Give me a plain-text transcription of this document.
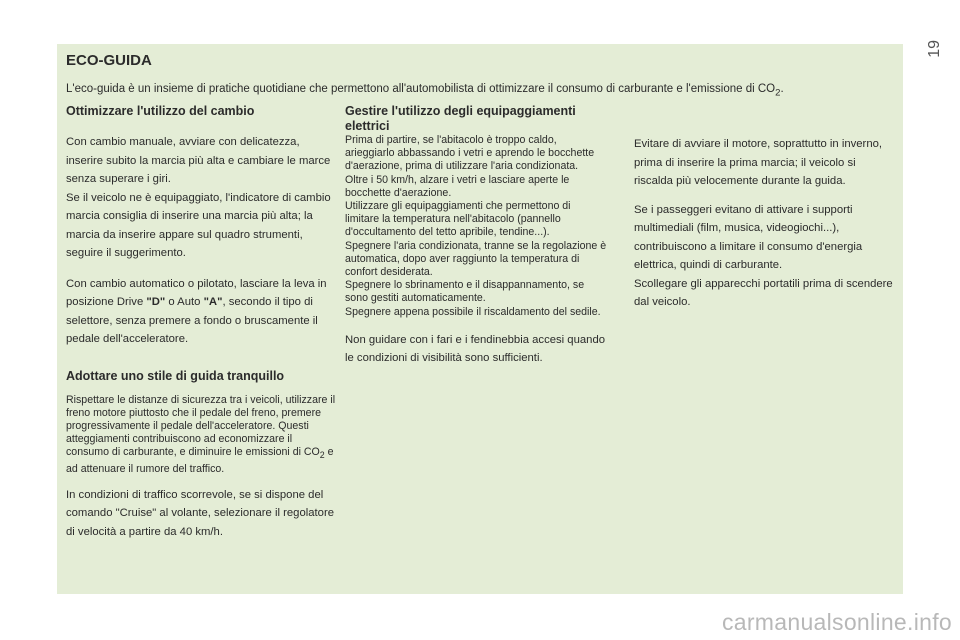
19
ECO-GUIDA

L'eco-guida è un insieme di pratiche quotidiane che permettono all'automobilista di ottimizzare il consumo di carburante e l'emissione di $CO_2$.

Ottimizzare l'utilizzo del cambio

Con cambio manuale, avviare con delicatezza, inserire subito la marcia più alta e cambiare le marce senza superare i giri.

Se il veicolo ne è equipaggiato, l'indicatore di cambio marcia consiglia di inserire una marcia più alta; la marcia da inserire appare sul quadro strumenti, seguire il suggerimento.

Con cambio automatico o pilotato, lasciare la leva in posizione Drive "D" o Auto "A", secondo il tipo di selettore, senza premere a fondo o bruscamente il pedale dell'acceleratore.

Adottare uno stile di guida tranquillo

Rispettare le distanze di sicurezza tra i veicoli, utilizzare il freno motore piuttosto che il pedale del freno, premere progressivamente il pedale dell'acceleratore. Questi atteggiamenti contribuiscono ad economizzare il consumo di carburante, e diminuire le emissioni di $CO_2$ e ad attenuare il rumore del traffico.

In condizioni di traffico scorrevole, se si dispone del comando "Cruise" al volante, selezionare il regolatore di velocità a partire da 40 km/h.

Gestire l'utilizzo degli equipaggiamenti elettrici

Prima di partire, se l'abitacolo è troppo caldo, arieggiarlo abbassando i vetri e aprendo le bocchette d'aerazione, prima di utilizzare l'aria condizionata.

Oltre i 50 km/h, alzare i vetri e lasciare aperte le bocchette d'aerazione.

Utilizzare gli equipaggiamenti che permettono di limitare la temperatura nell'abitacolo (pannello d'occultamento del tetto apribile, tendine...).

Spegnere l'aria condizionata, tranne se la regolazione è automatica, dopo aver raggiunto la temperatura di confort desiderata.

Spegnere lo sbrinamento e il disappannamento, se sono gestiti automaticamente.

Spegnere appena possibile il riscaldamento del sedile.

Non guidare con i fari e i fendinebbia accesi quando le condizioni di visibilità sono sufficienti.

Evitare di avviare il motore, soprattutto in inverno, prima di inserire la prima marcia; il veicolo si riscalda più velocemente durante la guida.

Se i passeggeri evitano di attivare i supporti multimediali (film, musica, videogiochi...), contribuiscono a limitare il consumo d'energia elettrica, quindi di carburante.

Scollegare gli apparecchi portatili prima di scendere dal veicolo.

carmanualsonline.info
